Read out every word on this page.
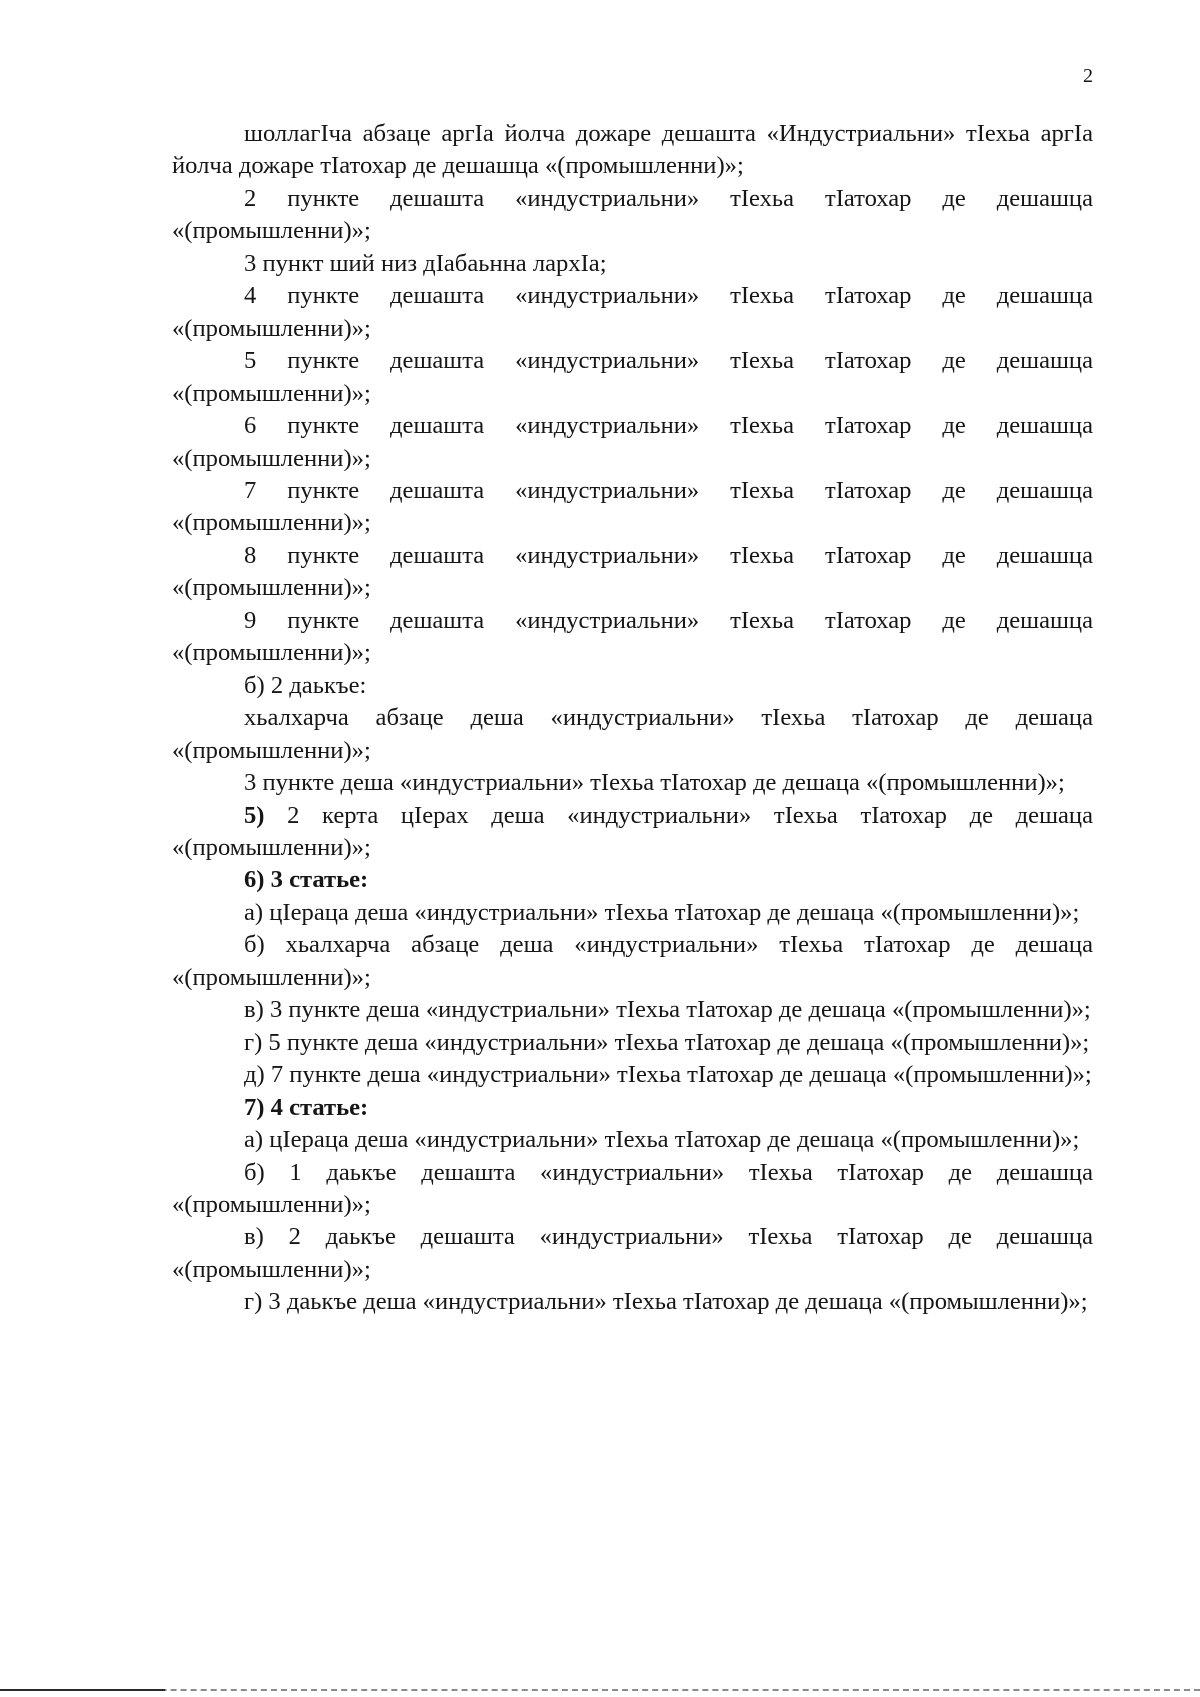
2

шоллагIча абзаце аргIа йолча дожаре дешашта «Индустриальни» тIехьа аргIа йолча дожаре тIатохар де дешашца «(промышленни)»;

2 пункте дешашта «индустриальни» тIехьа тIатохар де дешашца «(промышленни)»;

3 пункт ший низ дIабаьнна лархIа;

4 пункте дешашта «индустриальни» тIехьа тIатохар де дешашца «(промышленни)»;

5 пункте дешашта «индустриальни» тIехьа тIатохар де дешашца «(промышленни)»;

6 пункте дешашта «индустриальни» тIехьа тIатохар де дешашца «(промышленни)»;

7 пункте дешашта «индустриальни» тIехьа тIатохар де дешашца «(промышленни)»;

8 пункте дешашта «индустриальни» тIехьа тIатохар де дешашца «(промышленни)»;

9 пункте дешашта «индустриальни» тIехьа тIатохар де дешашца «(промышленни)»;

б) 2 даькъе:

хьалхарча абзаце деша «индустриальни» тIехьа тIатохар де дешаца «(промышленни)»;

3 пункте деша «индустриальни» тIехьа тIатохар де дешаца «(промышленни)»;

5) 2 керта цIерах деша «индустриальни» тIехьа тIатохар де дешаца «(промышленни)»;

6) 3 статье:

а) цIераца деша «индустриальни» тIехьа тIатохар де дешаца «(промышленни)»;

б) хьалхарча абзаце деша «индустриальни» тIехьа тIатохар де дешаца «(промышленни)»;

в) 3 пункте деша «индустриальни» тIехьа тIатохар де дешаца «(промышленни)»;

г) 5 пункте деша «индустриальни» тIехьа тIатохар де дешаца «(промышленни)»;

д) 7 пункте деша «индустриальни» тIехьа тIатохар де дешаца «(промышленни)»;

7) 4 статье:

а) цIераца деша «индустриальни» тIехьа тIатохар де дешаца «(промышленни)»;

б) 1 даькъе дешашта «индустриальни» тIехьа тIатохар де дешашца «(промышленни)»;

в) 2 даькъе дешашта «индустриальни» тIехьа тIатохар де дешашца «(промышленни)»;

г) 3 даькъе деша «индустриальни» тIехьа тIатохар де дешаца «(промышленни)»;
